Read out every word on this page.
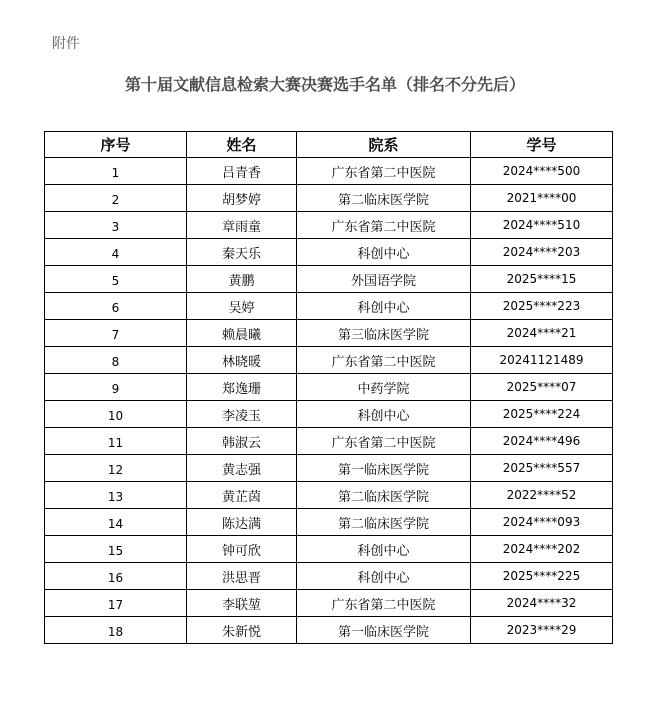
附件
第十届文献信息检索大赛决赛选手名单（排名不分先后）
序号	姓名	院系	学号
1	吕青香	广东省第二中医院	2024****500
2	胡梦婷	第二临床医学院	2021****00
3	章雨童	广东省第二中医院	2024****510
4	秦天乐	科创中心	2024****203
5	黄鹏	外国语学院	2025****15
6	吴婷	科创中心	2025****223
7	赖晨曦	第三临床医学院	2024****21
8	林晓暖	广东省第二中医院	20241121489
9	郑逸珊	中药学院	2025****07
10	李凌玉	科创中心	2025****224
11	韩淑云	广东省第二中医院	2024****496
12	黄志强	第一临床医学院	2025****557
13	黄芷茵	第二临床医学院	2022****52
14	陈达满	第二临床医学院	2024****093
15	钟可欣	科创中心	2024****202
16	洪思晋	科创中心	2025****225
17	李联堃	广东省第二中医院	2024****32
18	朱新悦	第一临床医学院	2023****29
